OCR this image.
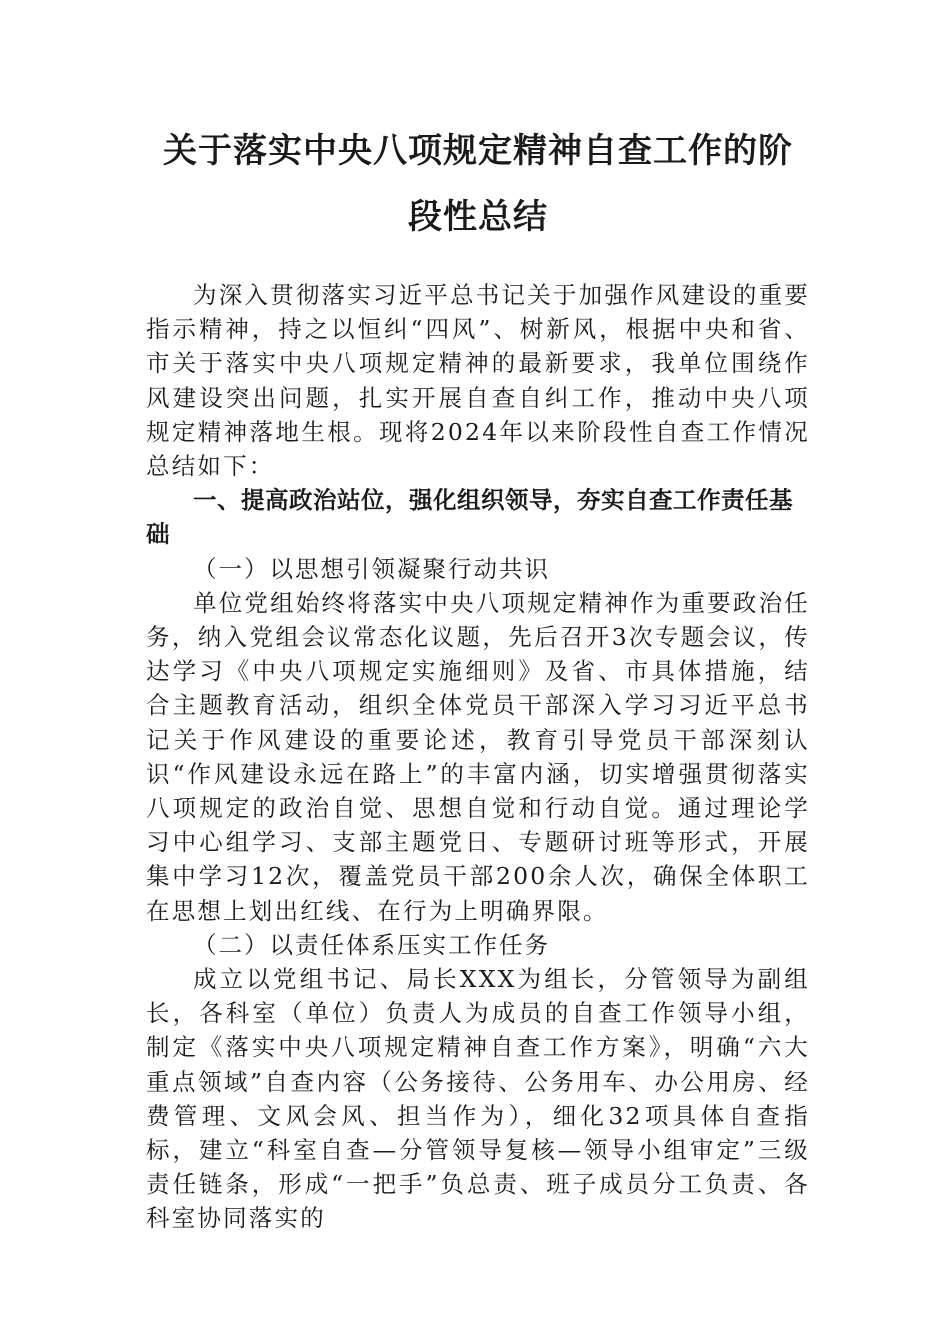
关于落实中央八项规定精神自查工作的阶
段性总结

为深入贯彻落实习近平总书记关于加强作风建设的重要指示精神，持之以恒纠“四风”、树新风，根据中央和省、市关于落实中央八项规定精神的最新要求，我单位围绕作风建设突出问题，扎实开展自查自纠工作，推动中央八项规定精神落地生根。现将2024年以来阶段性自查工作情况总结如下：

一、提高政治站位，强化组织领导，夯实自查工作责任基础

（一）以思想引领凝聚行动共识

单位党组始终将落实中央八项规定精神作为重要政治任务，纳入党组会议常态化议题，先后召开3次专题会议，传达学习《中央八项规定实施细则》及省、市具体措施，结合主题教育活动，组织全体党员干部深入学习习近平总书记关于作风建设的重要论述，教育引导党员干部深刻认识“作风建设永远在路上”的丰富内涵，切实增强贯彻落实八项规定的政治自觉、思想自觉和行动自觉。通过理论学习中心组学习、支部主题党日、专题研讨班等形式，开展集中学习12次，覆盖党员干部200余人次，确保全体职工在思想上划出红线、在行为上明确界限。

（二）以责任体系压实工作任务

成立以党组书记、局长XXX为组长，分管领导为副组长，各科室（单位）负责人为成员的自查工作领导小组，制定《落实中央八项规定精神自查工作方案》，明确“六大重点领域”自查内容（公务接待、公务用车、办公用房、经费管理、文风会风、担当作为），细化32项具体自查指标，建立“科室自查—分管领导复核—领导小组审定”三级责任链条，形成“一把手”负总责、班子成员分工负责、各科室协同落实的
